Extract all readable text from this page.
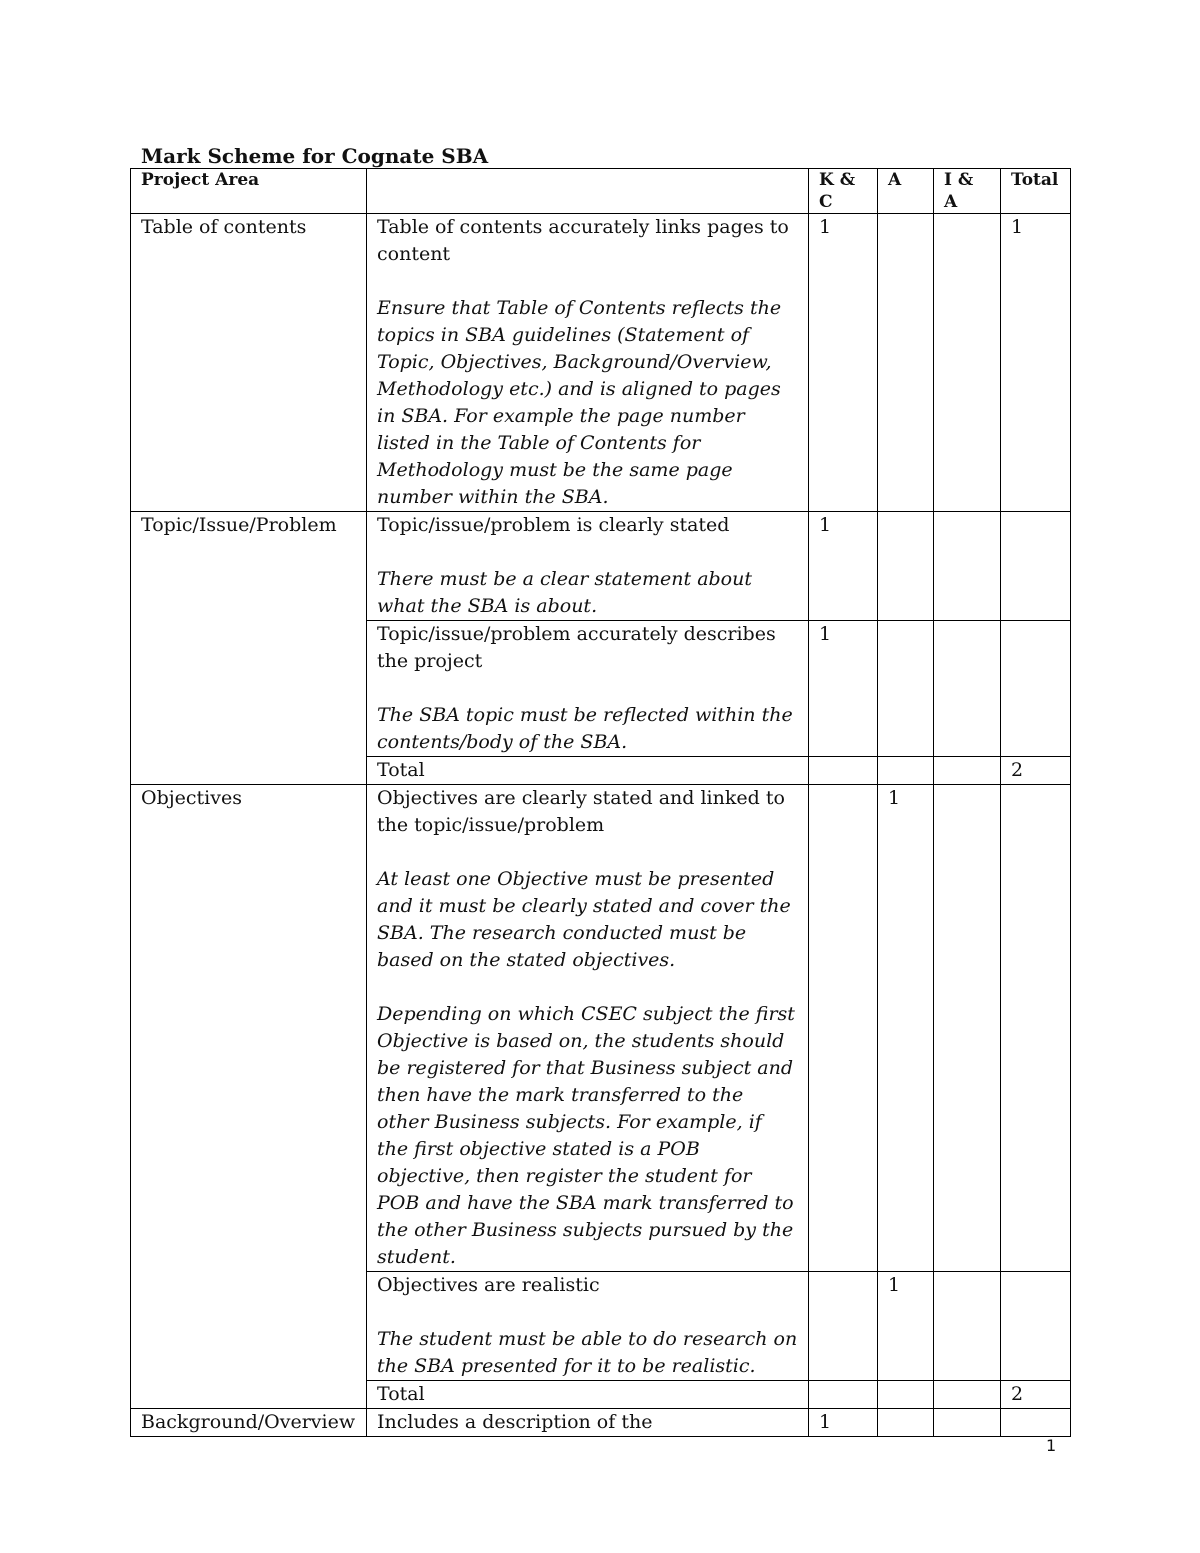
Mark Scheme for Cognate SBA
Project Area		K & C	A	I & A	Total
Table of contents	Table of contents accurately links pages to content
Ensure that Table of Contents reflects the topics in SBA guidelines (Statement of Topic, Objectives, Background/Overview, Methodology etc.) and is aligned to pages in SBA. For example the page number listed in the Table of Contents for Methodology must be the same page number within the SBA.	1			1
Topic/Issue/Problem	Topic/issue/problem is clearly stated
There must be a clear statement about what the SBA is about.	1			

	Topic/issue/problem accurately describes the project
The SBA topic must be reflected within the contents/body of the SBA.	1			
	Total				2
Objectives	Objectives are clearly stated and linked to the topic/issue/problem
At least one Objective must be presented and it must be clearly stated and cover the SBA. The research conducted must be based on the stated objectives.
Depending on which CSEC subject the first Objective is based on, the students should be registered for that Business subject and then have the mark transferred to the other Business subjects. For example, if the first objective stated is a POB objective, then register the student for POB and have the SBA mark transferred to the other Business subjects pursued by the student.		1		

	Objectives are realistic
The student must be able to do research on the SBA presented for it to be realistic.		1		
	Total				2
Background/Overview	Includes a description of the	1			
1
